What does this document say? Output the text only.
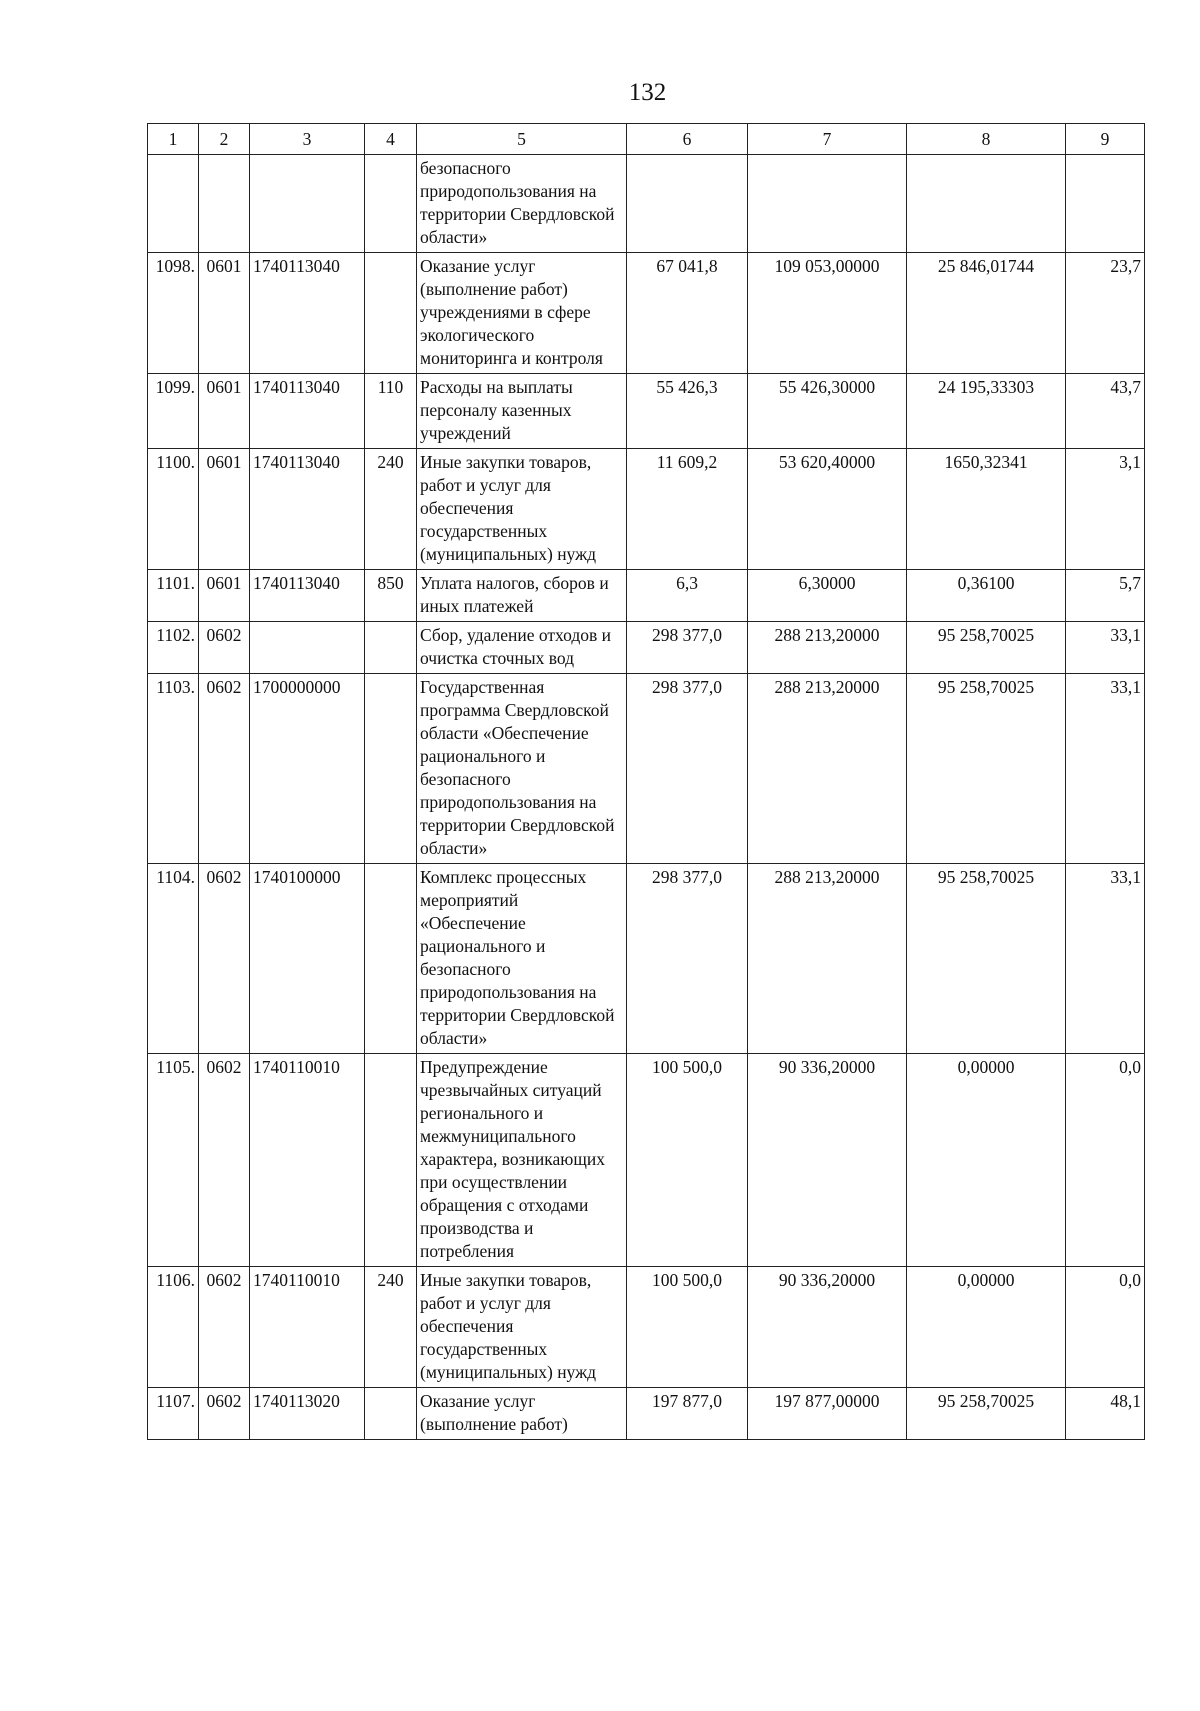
132
1	2	3	4	5	6	7	8	9
				безопасного природопользования на территории Свердловской области»				
1098.	0601	1740113040		Оказание услуг (выполнение работ) учреждениями в сфере экологического мониторинга и контроля	67 041,8	109 053,00000	25 846,01744	23,7
1099.	0601	1740113040	110	Расходы на выплаты персоналу казенных учреждений	55 426,3	55 426,30000	24 195,33303	43,7
1100.	0601	1740113040	240	Иные закупки товаров, работ и услуг для обеспечения государственных (муниципальных) нужд	11 609,2	53 620,40000	1650,32341	3,1
1101.	0601	1740113040	850	Уплата налогов, сборов и иных платежей	6,3	6,30000	0,36100	5,7
1102.	0602			Сбор, удаление отходов и очистка сточных вод	298 377,0	288 213,20000	95 258,70025	33,1
1103.	0602	1700000000		Государственная программа Свердловской области «Обеспечение рационального и безопасного природопользования на территории Свердловской области»	298 377,0	288 213,20000	95 258,70025	33,1
1104.	0602	1740100000		Комплекс процессных мероприятий «Обеспечение рационального и безопасного природопользования на территории Свердловской области»	298 377,0	288 213,20000	95 258,70025	33,1
1105.	0602	1740110010		Предупреждение чрезвычайных ситуаций регионального и межмуниципального характера, возникающих при осуществлении обращения с отходами производства и потребления	100 500,0	90 336,20000	0,00000	0,0
1106.	0602	1740110010	240	Иные закупки товаров, работ и услуг для обеспечения государственных (муниципальных) нужд	100 500,0	90 336,20000	0,00000	0,0
1107.	0602	1740113020		Оказание услуг (выполнение работ)	197 877,0	197 877,00000	95 258,70025	48,1
